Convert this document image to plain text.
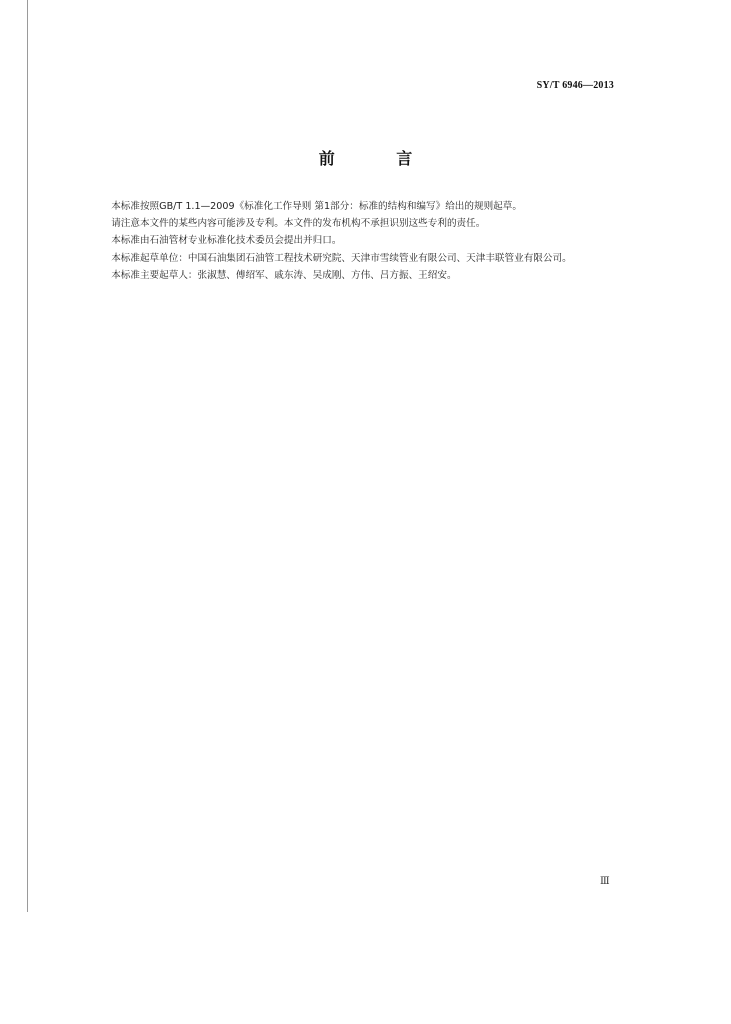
SY/T 6946—2013
前 言

本标准按照GB/T 1.1—2009《标准化工作导则 第1部分：标准的结构和编写》给出的规则起草。

请注意本文件的某些内容可能涉及专利。本文件的发布机构不承担识别这些专利的责任。

本标准由石油管材专业标准化技术委员会提出并归口。

本标准起草单位：中国石油集团石油管工程技术研究院、天津市雪续管业有限公司、天津丰联管业有限公司。

本标准主要起草人：张淑慧、傅绍军、戚东涛、吴成刚、方伟、吕方振、王绍安。

Ⅲ
